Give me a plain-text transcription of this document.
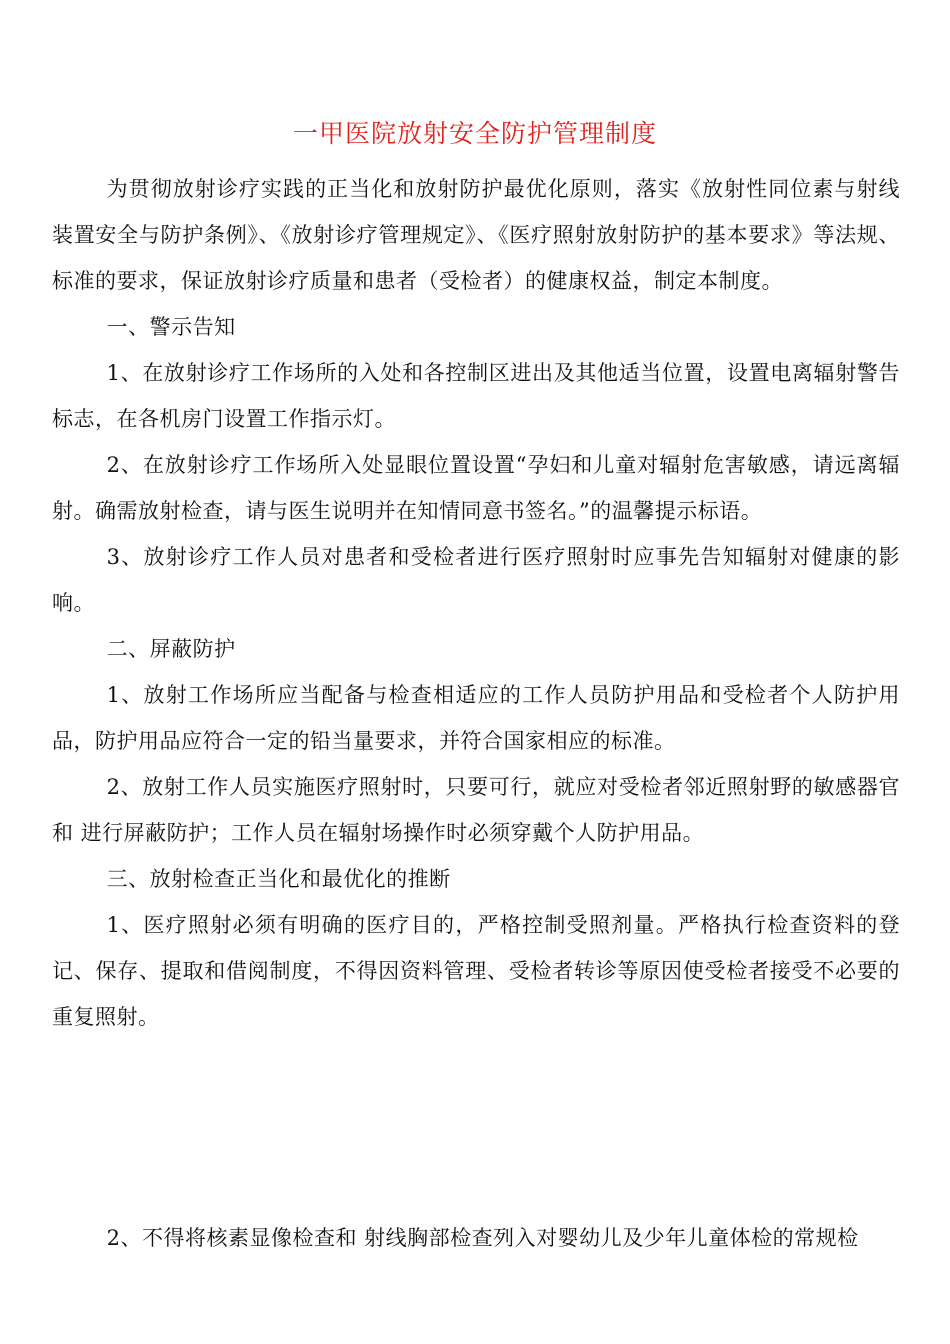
一甲医院放射安全防护管理制度

为贯彻放射诊疗实践的正当化和放射防护最优化原则，落实《放射性同位素与射线装置安全与防护条例》、《放射诊疗管理规定》、《医疗照射放射防护的基本要求》等法规、标准的要求，保证放射诊疗质量和患者（受检者）的健康权益，制定本制度。

一、警示告知

1、在放射诊疗工作场所的入处和各控制区进出及其他适当位置，设置电离辐射警告标志，在各机房门设置工作指示灯。

2、在放射诊疗工作场所入处显眼位置设置“孕妇和儿童对辐射危害敏感，请远离辐射。确需放射检查，请与医生说明并在知情同意书签名。”的温馨提示标语。

3、放射诊疗工作人员对患者和受检者进行医疗照射时应事先告知辐射对健康的影响。

二、屏蔽防护

1、放射工作场所应当配备与检查相适应的工作人员防护用品和受检者个人防护用品，防护用品应符合一定的铅当量要求，并符合国家相应的标准。

2、放射工作人员实施医疗照射时，只要可行，就应对受检者邻近照射野的敏感器官和 进行屏蔽防护；工作人员在辐射场操作时必须穿戴个人防护用品。

三、放射检查正当化和最优化的推断

1、医疗照射必须有明确的医疗目的，严格控制受照剂量。严格执行检查资料的登记、保存、提取和借阅制度，不得因资料管理、受检者转诊等原因使受检者接受不必要的重复照射。

2、不得将核素显像检查和 射线胸部检查列入对婴幼儿及少年儿童体检的常规检
